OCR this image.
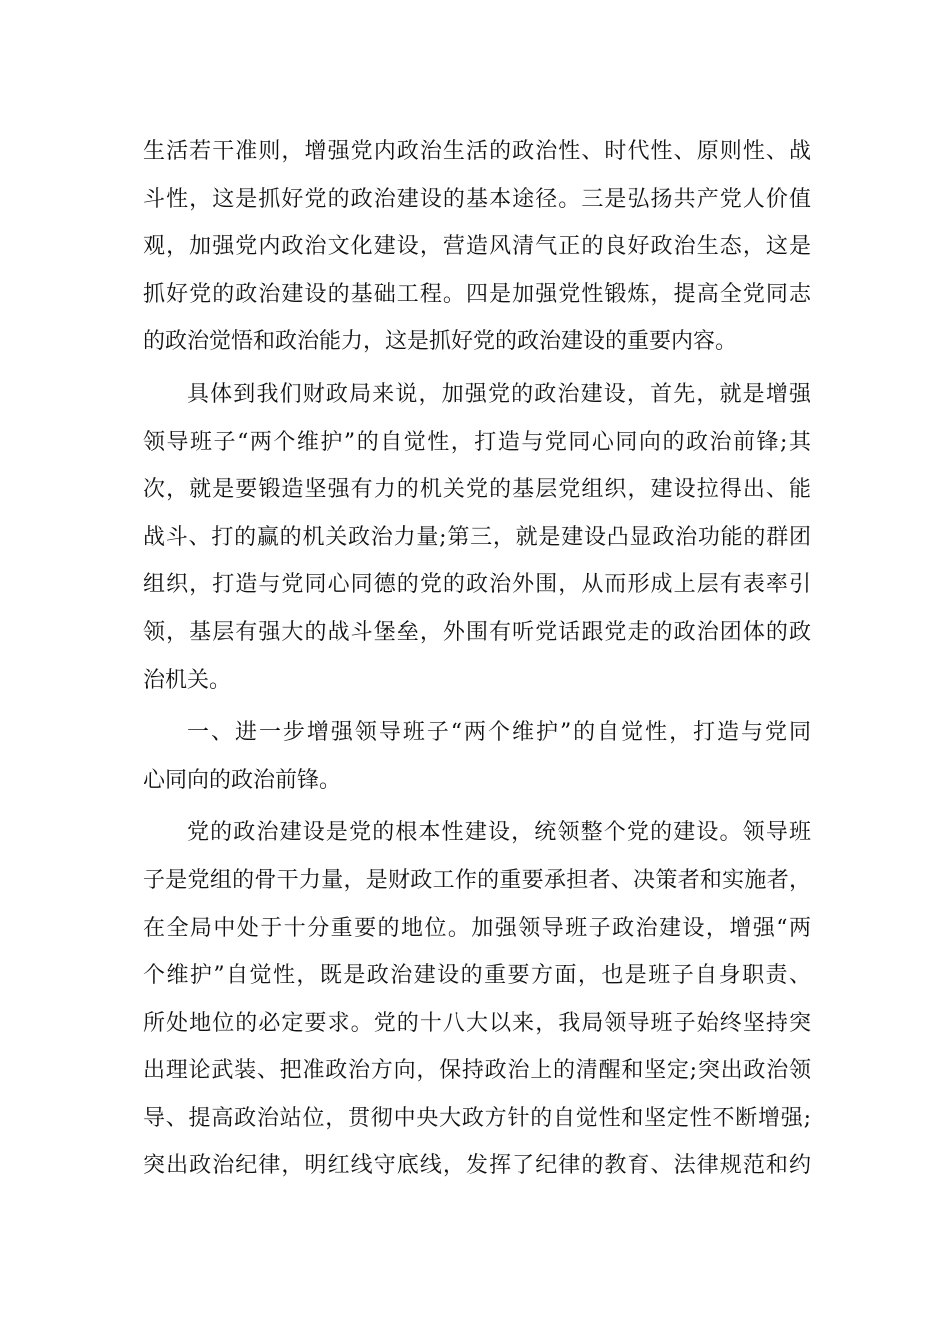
生活若干准则，增强党内政治生活的政治性、时代性、原则性、战
斗性，这是抓好党的政治建设的基本途径。三是弘扬共产党人价值
观，加强党内政治文化建设，营造风清气正的良好政治生态，这是
抓好党的政治建设的基础工程。四是加强党性锻炼，提高全党同志
的政治觉悟和政治能力，这是抓好党的政治建设的重要内容。
具体到我们财政局来说，加强党的政治建设，首先，就是增强
领导班子“两个维护”的自觉性，打造与党同心同向的政治前锋;其
次，就是要锻造坚强有力的机关党的基层党组织，建设拉得出、能
战斗、打的赢的机关政治力量;第三，就是建设凸显政治功能的群团
组织，打造与党同心同德的党的政治外围，从而形成上层有表率引
领，基层有强大的战斗堡垒，外围有听党话跟党走的政治团体的政
治机关。
一、进一步增强领导班子“两个维护”的自觉性，打造与党同
心同向的政治前锋。
党的政治建设是党的根本性建设，统领整个党的建设。领导班
子是党组的骨干力量，是财政工作的重要承担者、决策者和实施者，
在全局中处于十分重要的地位。加强领导班子政治建设，增强“两
个维护”自觉性，既是政治建设的重要方面，也是班子自身职责、
所处地位的必定要求。党的十八大以来，我局领导班子始终坚持突
出理论武装、把准政治方向，保持政治上的清醒和坚定;突出政治领
导、提高政治站位，贯彻中央大政方针的自觉性和坚定性不断增强;
突出政治纪律，明红线守底线，发挥了纪律的教育、法律规范和约
